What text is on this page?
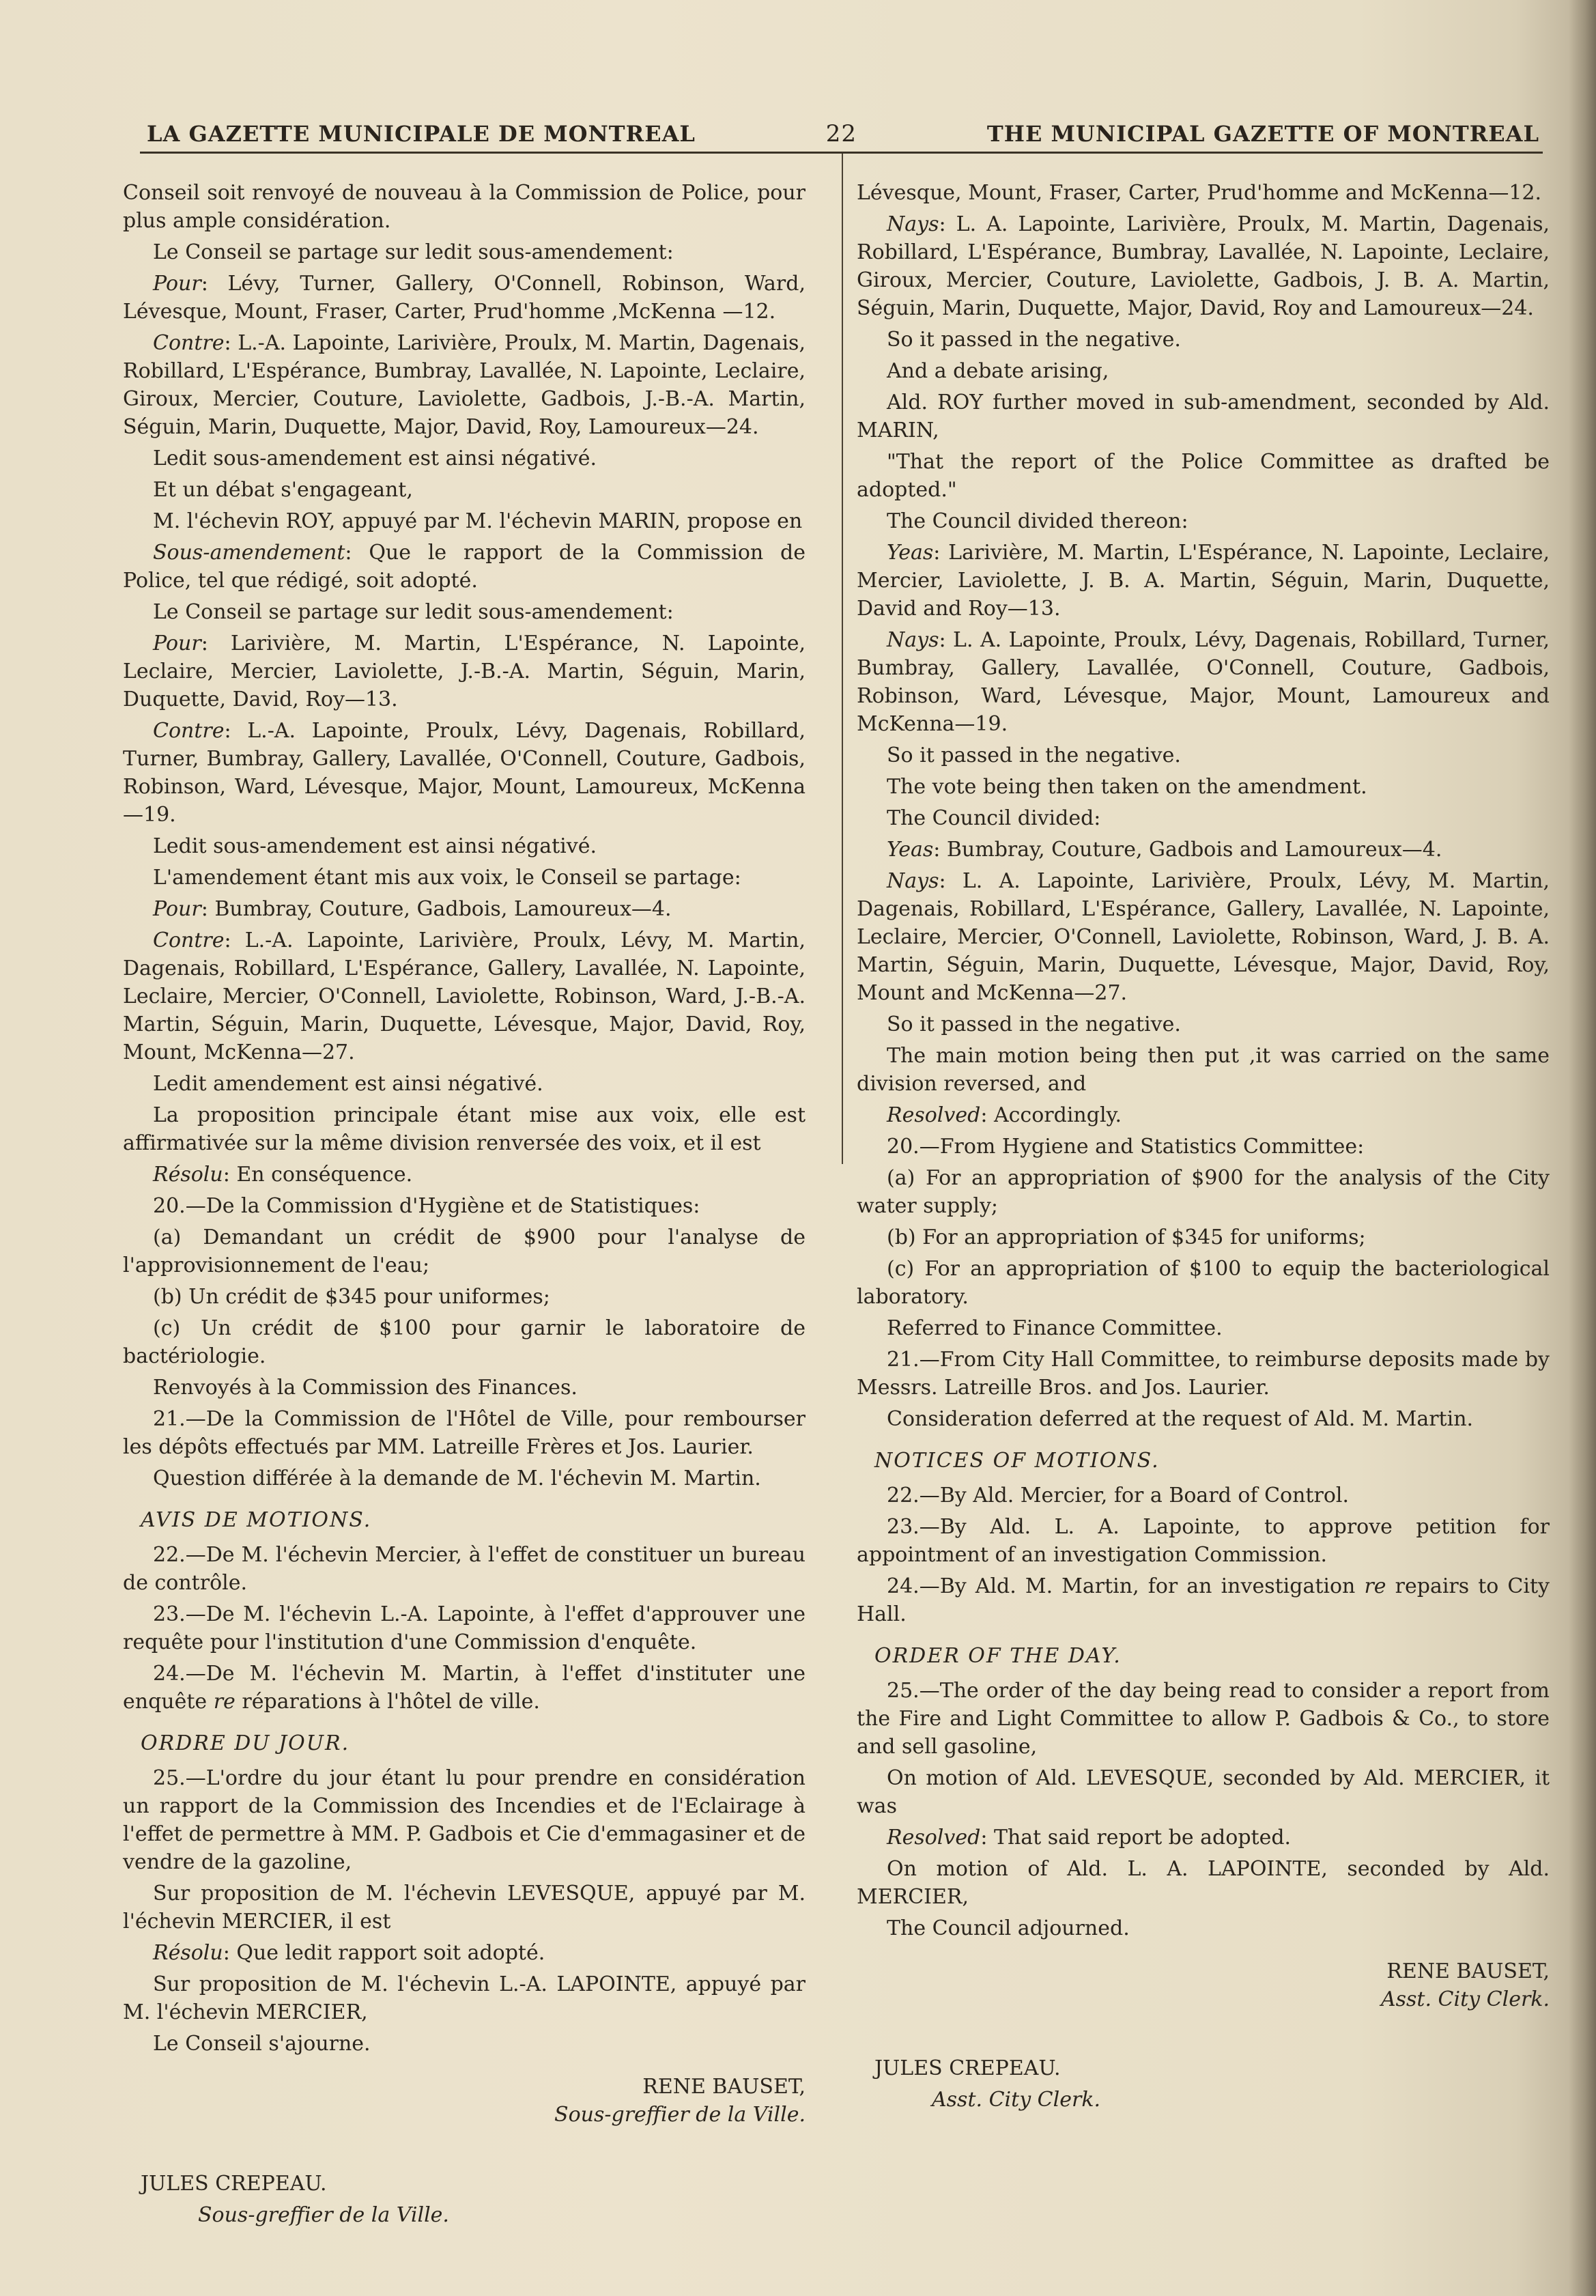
LA GAZETTE MUNICIPALE DE MONTREAL	22	THE MUNICIPAL GAZETTE OF MONTREAL

Conseil soit renvoyé de nouveau à la Commission de Police, pour plus ample considération.

Le Conseil se partage sur ledit sous-amendement:

Pour: Lévy, Turner, Gallery, O'Connell, Robinson, Ward, Lévesque, Mount, Fraser, Carter, Prud'homme ,McKenna —12.

Contre: L.-A. Lapointe, Larivière, Proulx, M. Martin, Dagenais, Robillard, L'Espérance, Bumbray, Lavallée, N. Lapointe, Leclaire, Giroux, Mercier, Couture, Laviolette, Gadbois, J.-B.-A. Martin, Séguin, Marin, Duquette, Major, David, Roy, Lamoureux—24.

Ledit sous-amendement est ainsi négativé.

Et un débat s'engageant,

M. l'échevin ROY, appuyé par M. l'échevin MARIN, propose en

Sous-amendement: Que le rapport de la Commission de Police, tel que rédigé, soit adopté.

Le Conseil se partage sur ledit sous-amendement:

Pour: Larivière, M. Martin, L'Espérance, N. Lapointe, Leclaire, Mercier, Laviolette, J.-B.-A. Martin, Séguin, Marin, Duquette, David, Roy—13.

Contre: L.-A. Lapointe, Proulx, Lévy, Dagenais, Robillard, Turner, Bumbray, Gallery, Lavallée, O'Connell, Couture, Gadbois, Robinson, Ward, Lévesque, Major, Mount, Lamoureux, McKenna—19.

Ledit sous-amendement est ainsi négativé.

L'amendement étant mis aux voix, le Conseil se partage:

Pour: Bumbray, Couture, Gadbois, Lamoureux—4.

Contre: L.-A. Lapointe, Larivière, Proulx, Lévy, M. Martin, Dagenais, Robillard, L'Espérance, Gallery, Lavallée, N. Lapointe, Leclaire, Mercier, O'Connell, Laviolette, Robinson, Ward, J.-B.-A. Martin, Séguin, Marin, Duquette, Lévesque, Major, David, Roy, Mount, McKenna—27.

Ledit amendement est ainsi négativé.

La proposition principale étant mise aux voix, elle est affirmativée sur la même division renversée des voix, et il est

Résolu: En conséquence.

20.—De la Commission d'Hygiène et de Statistiques:

(a) Demandant un crédit de $900 pour l'analyse de l'approvisionnement de l'eau;

(b) Un crédit de $345 pour uniformes;

(c) Un crédit de $100 pour garnir le laboratoire de bactériologie.

Renvoyés à la Commission des Finances.

21.—De la Commission de l'Hôtel de Ville, pour rembourser les dépôts effectués par MM. Latreille Frères et Jos. Laurier.

Question différée à la demande de M. l'échevin M. Martin.

AVIS DE MOTIONS.

22.—De M. l'échevin Mercier, à l'effet de constituer un bureau de contrôle.

23.—De M. l'échevin L.-A. Lapointe, à l'effet d'approuver une requête pour l'institution d'une Commission d'enquête.

24.—De M. l'échevin M. Martin, à l'effet d'instituter une enquête re réparations à l'hôtel de ville.

ORDRE DU JOUR.

25.—L'ordre du jour étant lu pour prendre en considération un rapport de la Commission des Incendies et de l'Eclairage à l'effet de permettre à MM. P. Gadbois et Cie d'emmagasiner et de vendre de la gazoline,

Sur proposition de M. l'échevin LEVESQUE, appuyé par M. l'échevin MERCIER, il est

Résolu: Que ledit rapport soit adopté.

Sur proposition de M. l'échevin L.-A. LAPOINTE, appuyé par M. l'échevin MERCIER,

Le Conseil s'ajourne.

RENE BAUSET,

Sous-greffier de la Ville.

JULES CREPEAU.

Sous-greffier de la Ville.

Lévesque, Mount, Fraser, Carter, Prud'homme and McKenna—12.

Nays: L. A. Lapointe, Larivière, Proulx, M. Martin, Dagenais, Robillard, L'Espérance, Bumbray, Lavallée, N. Lapointe, Leclaire, Giroux, Mercier, Couture, Laviolette, Gadbois, J. B. A. Martin, Séguin, Marin, Duquette, Major, David, Roy and Lamoureux—24.

So it passed in the negative.

And a debate arising,

Ald. ROY further moved in sub-amendment, seconded by Ald. MARIN,

"That the report of the Police Committee as drafted be adopted."

The Council divided thereon:

Yeas: Larivière, M. Martin, L'Espérance, N. Lapointe, Leclaire, Mercier, Laviolette, J. B. A. Martin, Séguin, Marin, Duquette, David and Roy—13.

Nays: L. A. Lapointe, Proulx, Lévy, Dagenais, Robillard, Turner, Bumbray, Gallery, Lavallée, O'Connell, Couture, Gadbois, Robinson, Ward, Lévesque, Major, Mount, Lamoureux and McKenna—19.

So it passed in the negative.

The vote being then taken on the amendment.

The Council divided:

Yeas: Bumbray, Couture, Gadbois and Lamoureux—4.

Nays: L. A. Lapointe, Larivière, Proulx, Lévy, M. Martin, Dagenais, Robillard, L'Espérance, Gallery, Lavallée, N. Lapointe, Leclaire, Mercier, O'Connell, Laviolette, Robinson, Ward, J. B. A. Martin, Séguin, Marin, Duquette, Lévesque, Major, David, Roy, Mount and McKenna—27.

So it passed in the negative.

The main motion being then put ,it was carried on the same division reversed, and

Resolved: Accordingly.

20.—From Hygiene and Statistics Committee:

(a) For an appropriation of $900 for the analysis of the City water supply;

(b) For an appropriation of $345 for uniforms;

(c) For an appropriation of $100 to equip the bacteriological laboratory.

Referred to Finance Committee.

21.—From City Hall Committee, to reimburse deposits made by Messrs. Latreille Bros. and Jos. Laurier.

Consideration deferred at the request of Ald. M. Martin.

NOTICES OF MOTIONS.

22.—By Ald. Mercier, for a Board of Control.

23.—By Ald. L. A. Lapointe, to approve petition for appointment of an investigation Commission.

24.—By Ald. M. Martin, for an investigation re repairs to City Hall.

ORDER OF THE DAY.

25.—The order of the day being read to consider a report from the Fire and Light Committee to allow P. Gadbois & Co., to store and sell gasoline,

On motion of Ald. LEVESQUE, seconded by Ald. MERCIER, it was

Resolved: That said report be adopted.

On motion of Ald. L. A. LAPOINTE, seconded by Ald. MERCIER,

The Council adjourned.

RENE BAUSET,

Asst. City Clerk.

JULES CREPEAU.

Asst. City Clerk.
